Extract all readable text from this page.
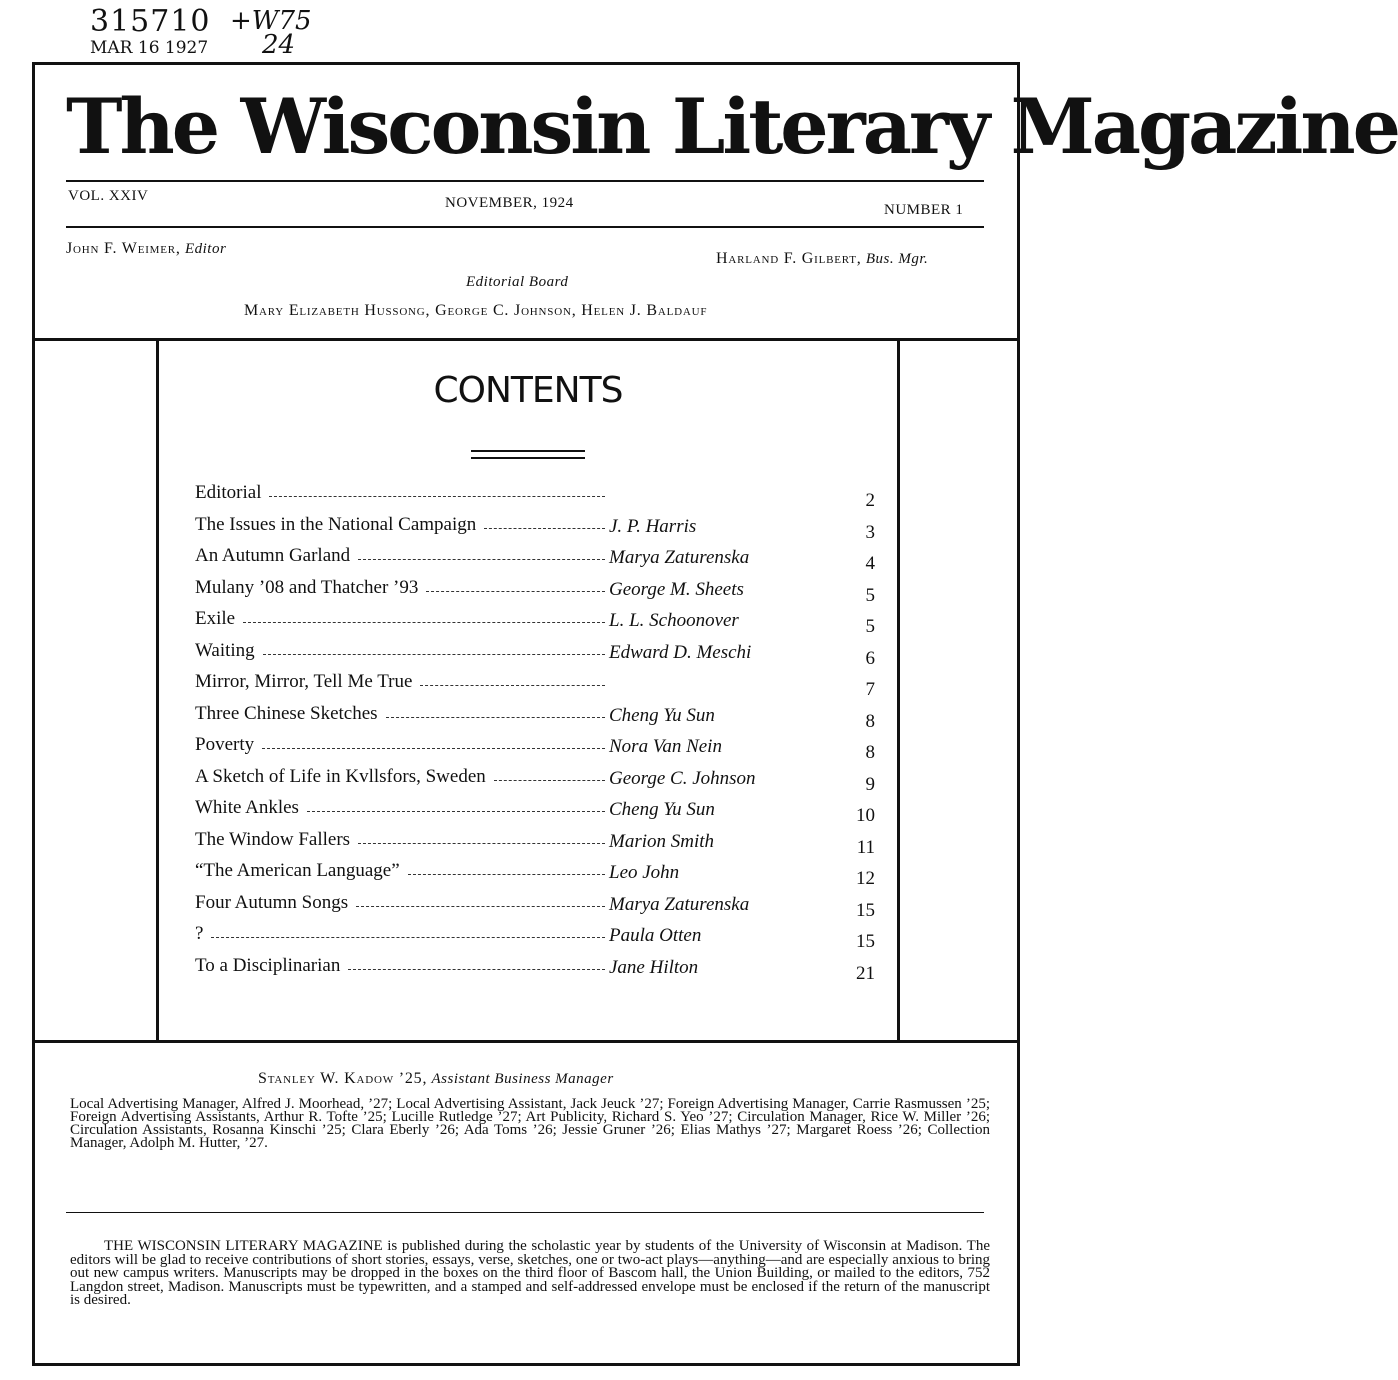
315710
MAR 16 1927
+W75
24
The Wisconsin Literary Magazine
VOL. XXIV	NOVEMBER, 1924	NUMBER 1
John F. Weimer, Editor
Harland F. Gilbert, Bus. Mgr.
Editorial Board
Mary Elizabeth Hussong, George C. Johnson, Helen J. Baldauf
CONTENTS
Editorial	2
The Issues in the National Campaign	J. P. Harris	3
An Autumn Garland	Marya Zaturenska	4
Mulany ’08 and Thatcher ’93	George M. Sheets	5
Exile	L. L. Schoonover	5
Waiting	Edward D. Meschi	6
Mirror, Mirror, Tell Me True	7
Three Chinese Sketches	Cheng Yu Sun	8
Poverty	Nora Van Nein	8
A Sketch of Life in Kvllsfors, Sweden	George C. Johnson	9
White Ankles	Cheng Yu Sun	10
The Window Fallers	Marion Smith	11
“The American Language”	Leo John	12
Four Autumn Songs	Marya Zaturenska	15
?	Paula Otten	15
To a Disciplinarian	Jane Hilton	21
Stanley W. Kadow ’25, Assistant Business Manager
Local Advertising Manager, Alfred J. Moorhead, ’27; Local Advertising Assistant, Jack Jeuck ’27; Foreign Advertising Manager, Carrie Rasmussen ’25; Foreign Advertising Assistants, Arthur R. Tofte ’25; Lucille Rutledge ’27; Art Publicity, Richard S. Yeo ’27; Circulation Manager, Rice W. Miller ’26; Circulation Assistants, Rosanna Kinschi ’25; Clara Eberly ’26; Ada Toms ’26; Jessie Gruner ’26; Elias Mathys ’27; Margaret Roess ’26; Collection Manager, Adolph M. Hutter, ’27.
THE WISCONSIN LITERARY MAGAZINE is published during the scholastic year by students of the University of Wisconsin at Madison. The editors will be glad to receive contributions of short stories, essays, verse, sketches, one or two-act plays—anything—and are especially anxious to bring out new campus writers. Manuscripts may be dropped in the boxes on the third floor of Bascom hall, the Union Building, or mailed to the editors, 752 Langdon street, Madison. Manuscripts must be typewritten, and a stamped and self-addressed envelope must be enclosed if the return of the manuscript is desired.
